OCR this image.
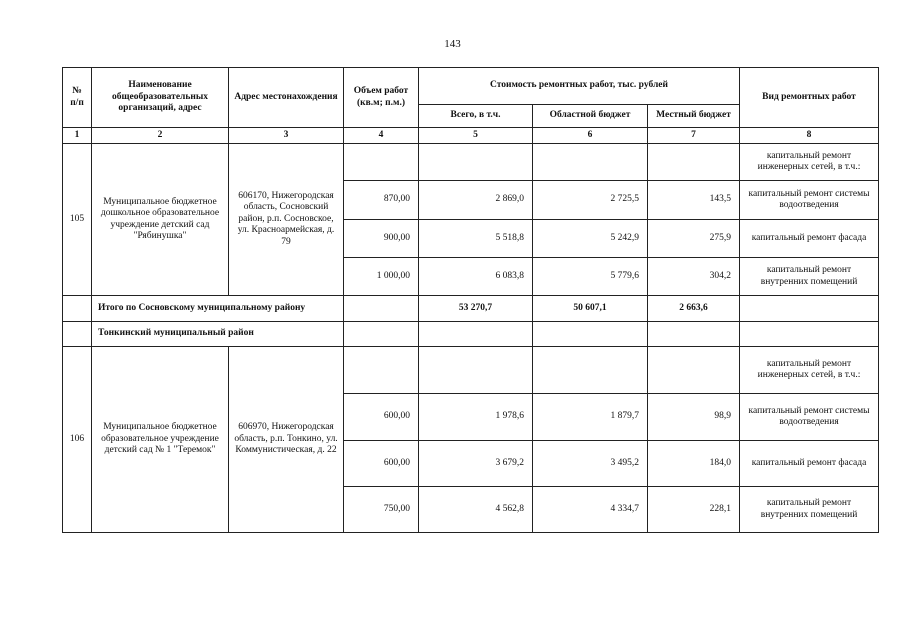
143
№
п/п	Наименование общеобразовательных организаций, адрес	Адрес местонахождения	Объем работ (кв.м; п.м.)	Стоимость ремонтных работ, тыс. рублей			Вид ремонтных работ
				Всего, в т.ч.	Областной бюджет	Местный бюджет	
1	2	3	4	5	6	7	8
105	Муниципальное бюджетное дошкольное образовательное учреждение детский сад "Рябинушка"	606170, Нижегородская область, Сосновский район, р.п. Сосновское, ул. Красноармейская, д. 79					капитальный ремонт инженерных сетей, в т.ч.:
			870,00	2 869,0	2 725,5	143,5	капитальный ремонт системы водоотведения
			900,00	5 518,8	5 242,9	275,9	капитальный ремонт фасада
			1 000,00	6 083,8	5 779,6	304,2	капитальный ремонт внутренних помещений
	Итого по Сосновскому муниципальному району			53 270,7	50 607,1	2 663,6	
	Тонкинский муниципальный район						
106	Муниципальное бюджетное образовательное учреждение детский сад № 1 "Теремок"	606970, Нижегородская область, р.п. Тонкино, ул. Коммунистическая, д. 22					капитальный ремонт инженерных сетей, в т.ч.:
			600,00	1 978,6	1 879,7	98,9	капитальный ремонт системы водоотведения
			600,00	3 679,2	3 495,2	184,0	капитальный ремонт фасада
			750,00	4 562,8	4 334,7	228,1	капитальный ремонт внутренних помещений
